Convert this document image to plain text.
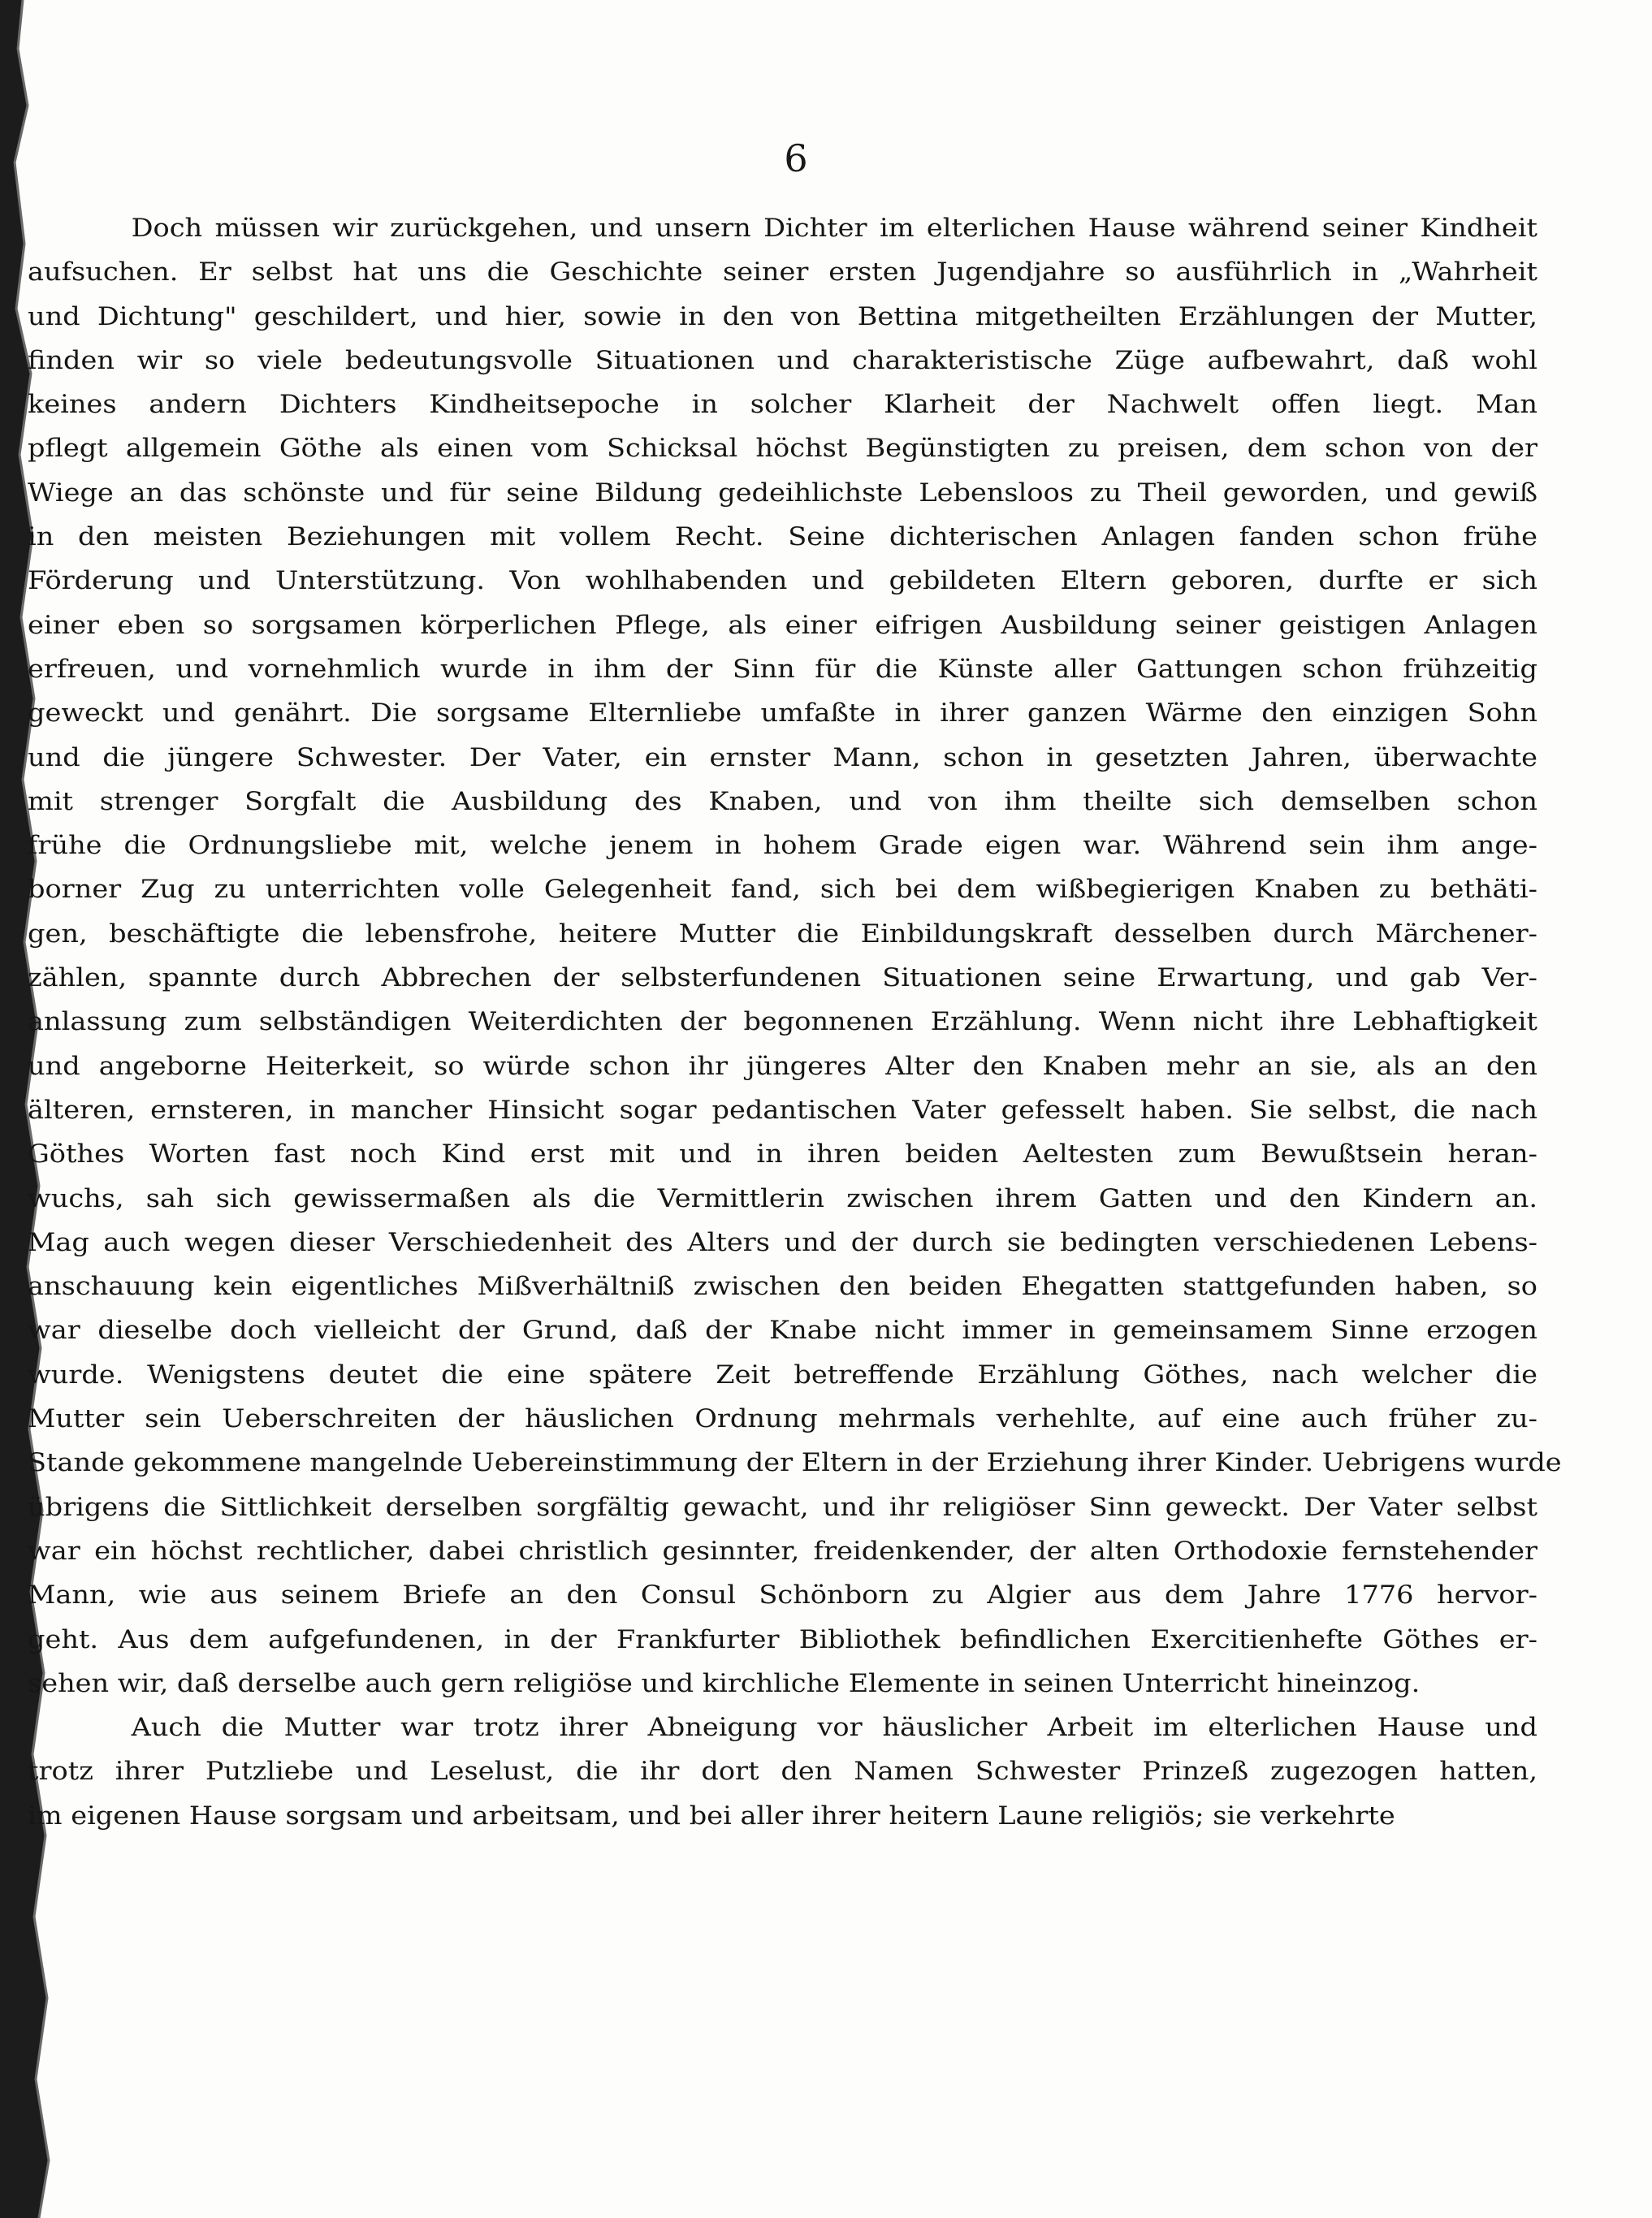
6
Doch müssen wir zurückgehen, und unsern Dichter im elterlichen Hause während seiner Kindheit
aufsuchen. Er selbst hat uns die Geschichte seiner ersten Jugendjahre so ausführlich in „Wahrheit
und Dichtung" geschildert, und hier, sowie in den von Bettina mitgetheilten Erzählungen der Mutter,
finden wir so viele bedeutungsvolle Situationen und charakteristische Züge aufbewahrt, daß wohl
keines andern Dichters Kindheitsepoche in solcher Klarheit der Nachwelt offen liegt. Man
pflegt allgemein Göthe als einen vom Schicksal höchst Begünstigten zu preisen, dem schon von der
Wiege an das schönste und für seine Bildung gedeihlichste Lebensloos zu Theil geworden, und gewiß
in den meisten Beziehungen mit vollem Recht. Seine dichterischen Anlagen fanden schon frühe
Förderung und Unterstützung. Von wohlhabenden und gebildeten Eltern geboren, durfte er sich
einer eben so sorgsamen körperlichen Pflege, als einer eifrigen Ausbildung seiner geistigen Anlagen
erfreuen, und vornehmlich wurde in ihm der Sinn für die Künste aller Gattungen schon frühzeitig
geweckt und genährt. Die sorgsame Elternliebe umfaßte in ihrer ganzen Wärme den einzigen Sohn
und die jüngere Schwester. Der Vater, ein ernster Mann, schon in gesetzten Jahren, überwachte
mit strenger Sorgfalt die Ausbildung des Knaben, und von ihm theilte sich demselben schon
frühe die Ordnungsliebe mit, welche jenem in hohem Grade eigen war. Während sein ihm ange-
borner Zug zu unterrichten volle Gelegenheit fand, sich bei dem wißbegierigen Knaben zu bethäti-
gen, beschäftigte die lebensfrohe, heitere Mutter die Einbildungskraft desselben durch Märchener-
zählen, spannte durch Abbrechen der selbsterfundenen Situationen seine Erwartung, und gab Ver-
anlassung zum selbständigen Weiterdichten der begonnenen Erzählung. Wenn nicht ihre Lebhaftigkeit
und angeborne Heiterkeit, so würde schon ihr jüngeres Alter den Knaben mehr an sie, als an den
älteren, ernsteren, in mancher Hinsicht sogar pedantischen Vater gefesselt haben. Sie selbst, die nach
Göthes Worten fast noch Kind erst mit und in ihren beiden Aeltesten zum Bewußtsein heran-
wuchs, sah sich gewissermaßen als die Vermittlerin zwischen ihrem Gatten und den Kindern an.
Mag auch wegen dieser Verschiedenheit des Alters und der durch sie bedingten verschiedenen Lebens-
anschauung kein eigentliches Mißverhältniß zwischen den beiden Ehegatten stattgefunden haben, so
war dieselbe doch vielleicht der Grund, daß der Knabe nicht immer in gemeinsamem Sinne erzogen
wurde. Wenigstens deutet die eine spätere Zeit betreffende Erzählung Göthes, nach welcher die
Mutter sein Ueberschreiten der häuslichen Ordnung mehrmals verhehlte, auf eine auch früher zu-
Stande gekommene mangelnde Uebereinstimmung der Eltern in der Erziehung ihrer Kinder. Uebrigens wurde
übrigens die Sittlichkeit derselben sorgfältig gewacht, und ihr religiöser Sinn geweckt. Der Vater selbst
war ein höchst rechtlicher, dabei christlich gesinnter, freidenkender, der alten Orthodoxie fernstehender
Mann, wie aus seinem Briefe an den Consul Schönborn zu Algier aus dem Jahre 1776 hervor-
geht. Aus dem aufgefundenen, in der Frankfurter Bibliothek befindlichen Exercitienhefte Göthes er-
sehen wir, daß derselbe auch gern religiöse und kirchliche Elemente in seinen Unterricht hineinzog.
Auch die Mutter war trotz ihrer Abneigung vor häuslicher Arbeit im elterlichen Hause und
trotz ihrer Putzliebe und Leselust, die ihr dort den Namen Schwester Prinzeß zugezogen hatten,
im eigenen Hause sorgsam und arbeitsam, und bei aller ihrer heitern Laune religiös; sie verkehrte
